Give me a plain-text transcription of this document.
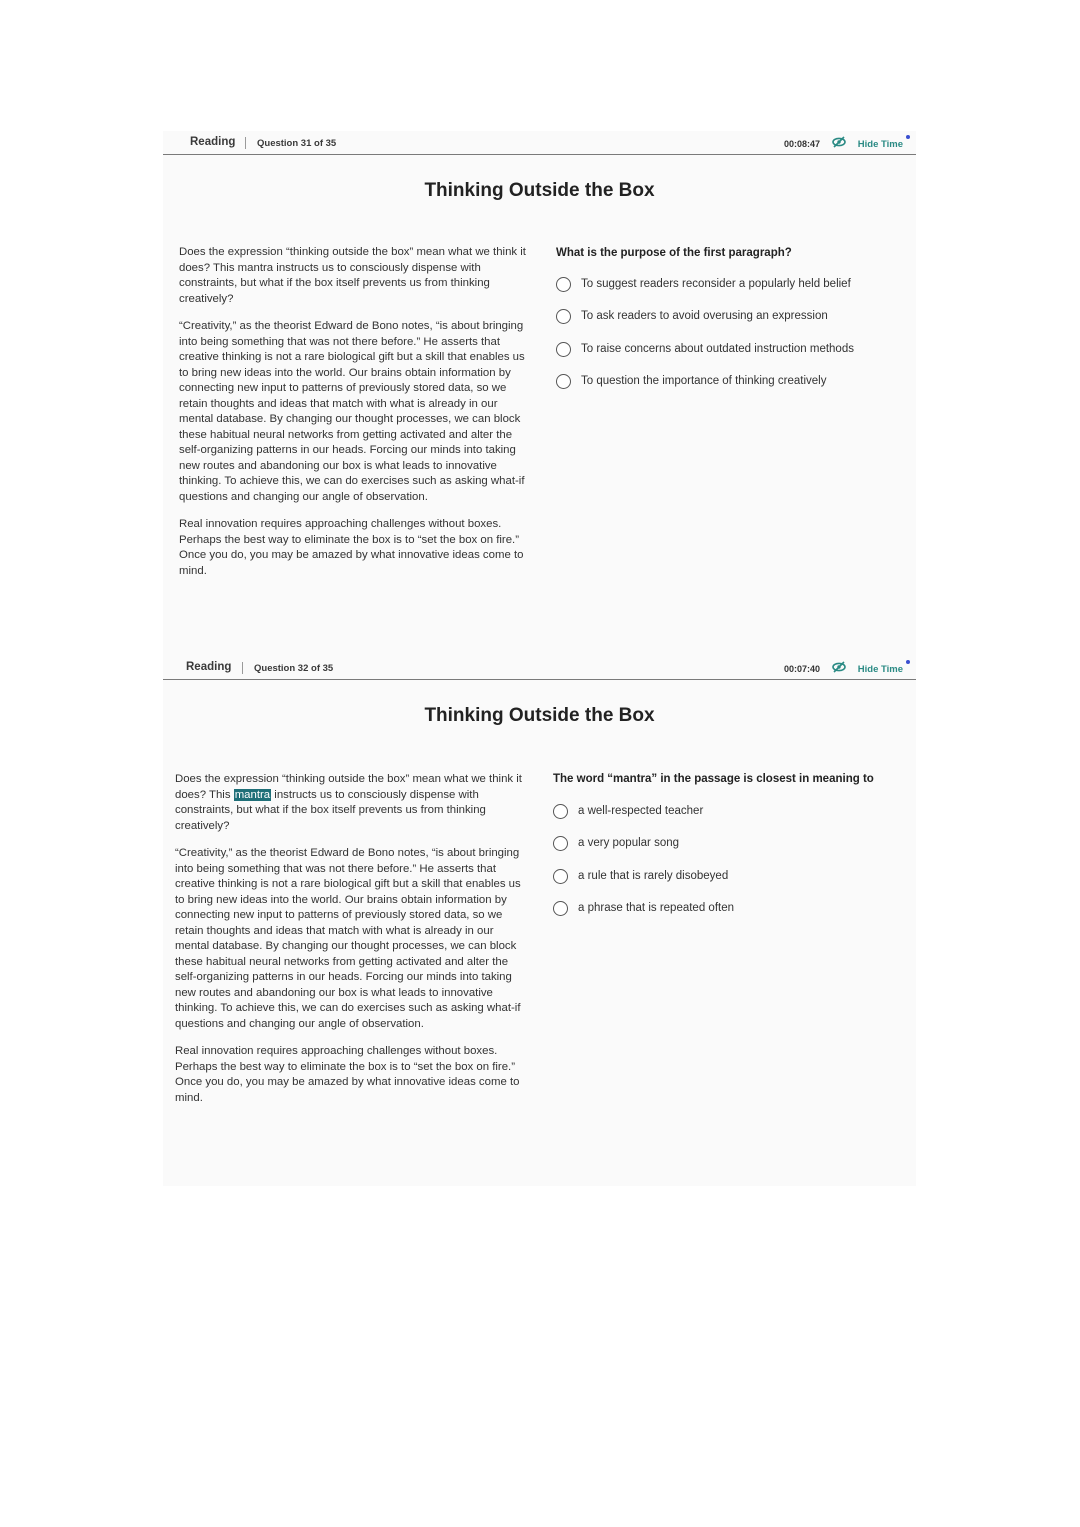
Reading Question 31 of 35	00:08:47	Hide Time
Thinking Outside the Box

Does the expression “thinking outside the box” mean what we think it does? This mantra instructs us to consciously dispense with constraints, but what if the box itself prevents us from thinking creatively?

“Creativity,” as the theorist Edward de Bono notes, “is about bringing into being something that was not there before.” He asserts that creative thinking is not a rare biological gift but a skill that enables us to bring new ideas into the world. Our brains obtain information by connecting new input to patterns of previously stored data, so we retain thoughts and ideas that match with what is already in our mental database. By changing our thought processes, we can block these habitual neural networks from getting activated and alter the self-organizing patterns in our heads. Forcing our minds into taking new routes and abandoning our box is what leads to innovative thinking. To achieve this, we can do exercises such as asking what-if questions and changing our angle of observation.

Real innovation requires approaching challenges without boxes. Perhaps the best way to eliminate the box is to “set the box on fire.” Once you do, you may be amazed by what innovative ideas come to mind.

What is the purpose of the first paragraph?
To suggest readers reconsider a popularly held belief
To ask readers to avoid overusing an expression
To raise concerns about outdated instruction methods
To question the importance of thinking creatively
Reading Question 32 of 35	00:07:40	Hide Time
Thinking Outside the Box

Does the expression “thinking outside the box” mean what we think it does? This mantra instructs us to consciously dispense with constraints, but what if the box itself prevents us from thinking creatively?

“Creativity,” as the theorist Edward de Bono notes, “is about bringing into being something that was not there before.” He asserts that creative thinking is not a rare biological gift but a skill that enables us to bring new ideas into the world. Our brains obtain information by connecting new input to patterns of previously stored data, so we retain thoughts and ideas that match with what is already in our mental database. By changing our thought processes, we can block these habitual neural networks from getting activated and alter the self-organizing patterns in our heads. Forcing our minds into taking new routes and abandoning our box is what leads to innovative thinking. To achieve this, we can do exercises such as asking what-if questions and changing our angle of observation.

Real innovation requires approaching challenges without boxes. Perhaps the best way to eliminate the box is to “set the box on fire.” Once you do, you may be amazed by what innovative ideas come to mind.

The word “mantra” in the passage is closest in meaning to
a well-respected teacher
a very popular song
a rule that is rarely disobeyed
a phrase that is repeated often
